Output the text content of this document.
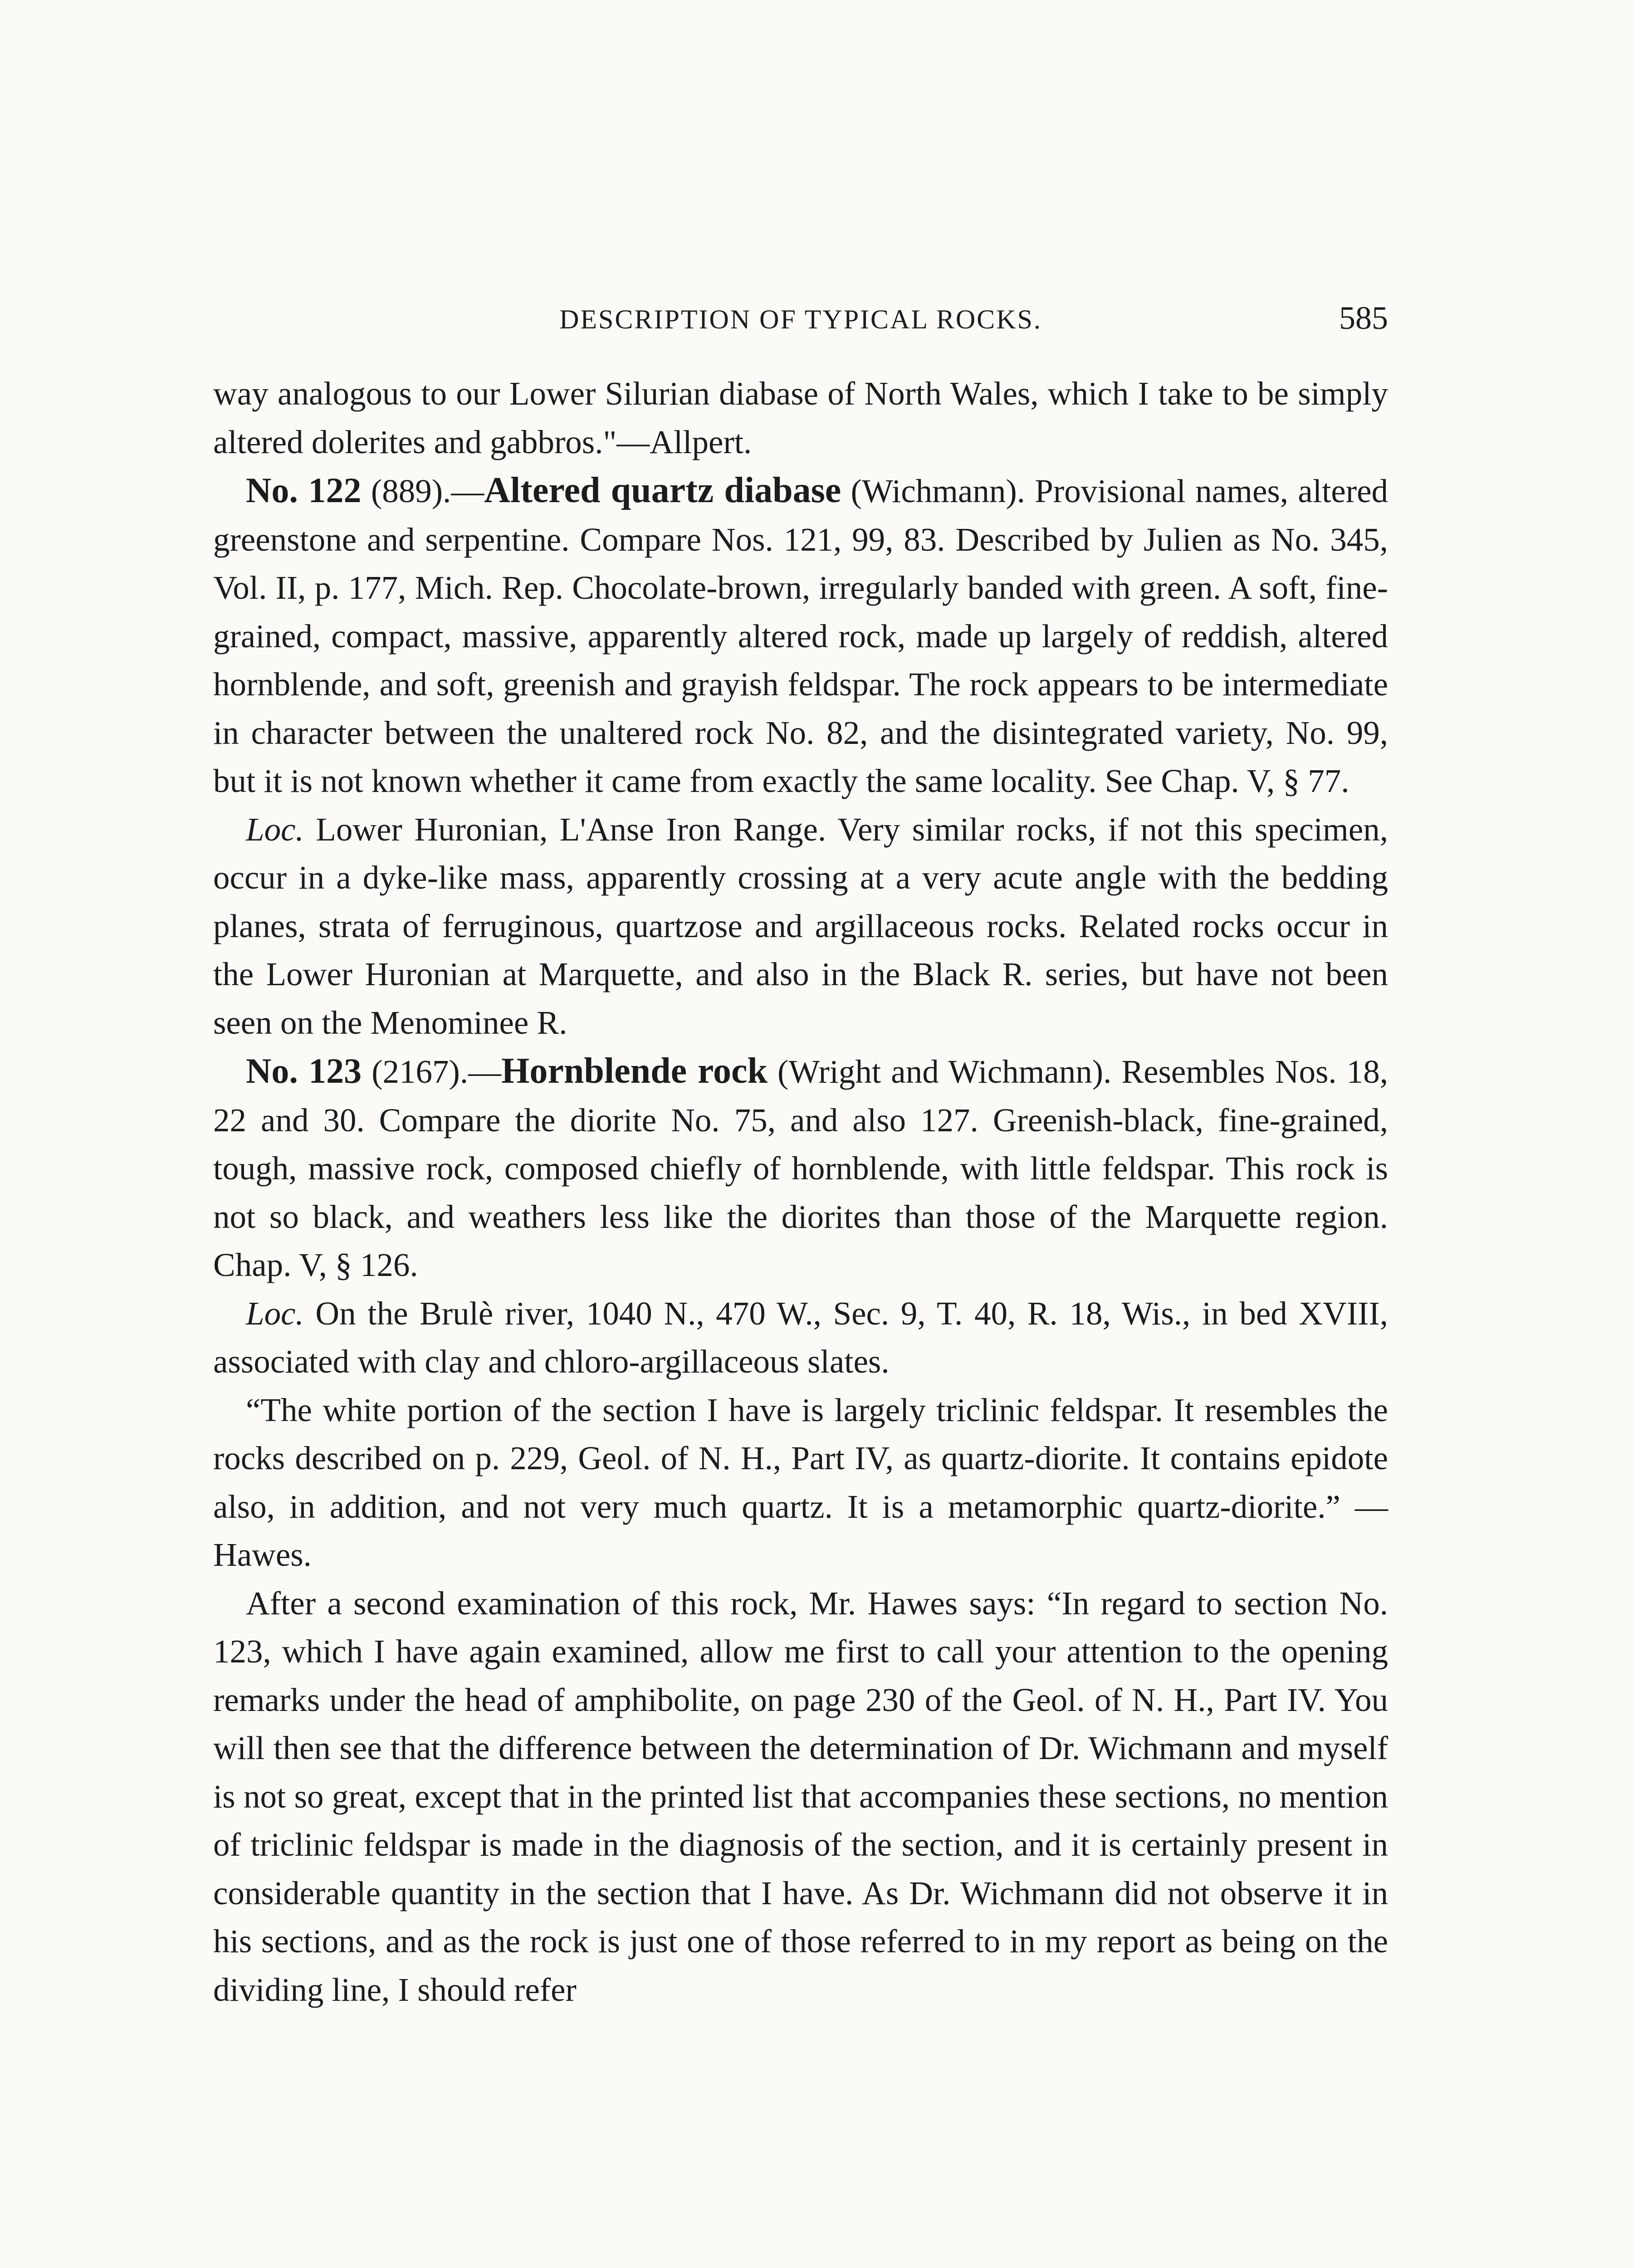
DESCRIPTION OF TYPICAL ROCKS.	585

way analogous to our Lower Silurian diabase of North Wales, which I take to be simply altered dolerites and gabbros."—Allpert.

No. 122 (889).—Altered quartz diabase (Wichmann). Provisional names, altered greenstone and serpentine. Compare Nos. 121, 99, 83. Described by Julien as No. 345, Vol. II, p. 177, Mich. Rep. Chocolate-brown, irregularly banded with green. A soft, fine-grained, compact, massive, apparently altered rock, made up largely of reddish, altered hornblende, and soft, greenish and grayish feldspar. The rock appears to be intermediate in character between the unaltered rock No. 82, and the disintegrated variety, No. 99, but it is not known whether it came from exactly the same locality. See Chap. V, § 77.

Loc. Lower Huronian, L'Anse Iron Range. Very similar rocks, if not this specimen, occur in a dyke-like mass, apparently crossing at a very acute angle with the bedding planes, strata of ferruginous, quartzose and argillaceous rocks. Related rocks occur in the Lower Huronian at Marquette, and also in the Black R. series, but have not been seen on the Menominee R.

No. 123 (2167).—Hornblende rock (Wright and Wichmann). Resembles Nos. 18, 22 and 30. Compare the diorite No. 75, and also 127. Greenish-black, fine-grained, tough, massive rock, composed chiefly of hornblende, with little feldspar. This rock is not so black, and weathers less like the diorites than those of the Marquette region. Chap. V, § 126.

Loc. On the Brulè river, 1040 N., 470 W., Sec. 9, T. 40, R. 18, Wis., in bed XVIII, associated with clay and chloro-argillaceous slates.

“The white portion of the section I have is largely triclinic feldspar. It resembles the rocks described on p. 229, Geol. of N. H., Part IV, as quartz-diorite. It contains epidote also, in addition, and not very much quartz. It is a metamorphic quartz-diorite.” — Hawes.

After a second examination of this rock, Mr. Hawes says: “In regard to section No. 123, which I have again examined, allow me first to call your attention to the opening remarks under the head of amphibolite, on page 230 of the Geol. of N. H., Part IV. You will then see that the difference between the determination of Dr. Wichmann and myself is not so great, except that in the printed list that accompanies these sections, no mention of triclinic feldspar is made in the diagnosis of the section, and it is certainly present in considerable quantity in the section that I have. As Dr. Wichmann did not observe it in his sections, and as the rock is just one of those referred to in my report as being on the dividing line, I should refer
